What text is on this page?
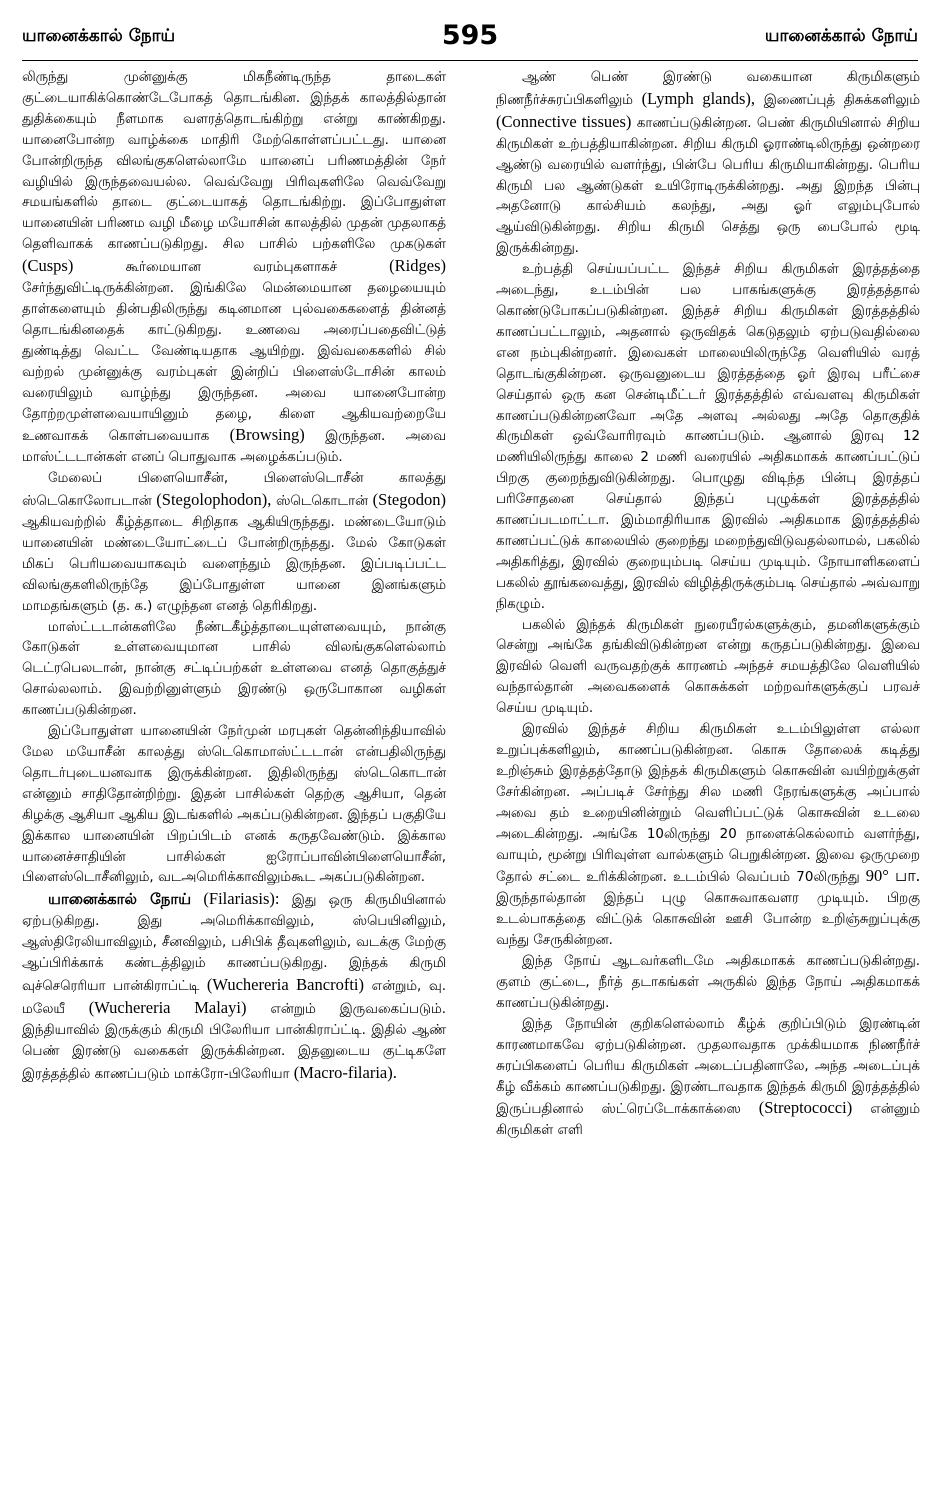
யானைக்கால் நோய்	595	யானைக்கால் நோய்

லிருந்து முன்னுக்கு மிகநீண்டிருந்த தாடைகள் குட்டையாகிக்கொண்டேபோகத் தொடங்கின. இந்தக் காலத்தில்தான் துதிக்கையும் நீளமாக வளரத்தொடங்கிற்று என்று காண்கிறது. யானைபோன்ற வாழ்க்கை மாதிரி மேற்கொள்ளப்பட்டது. யானை போன்றிருந்த விலங்குகளெல்லாமே யானைப் பரிணமத்தின் நேர் வழியில் இருந்தவையல்ல. வெவ்வேறு பிரிவுகளிலே வெவ்வேறு சமயங்களில் தாடை குட்டையாகத் தொடங்கிற்று. இப்போதுள்ள யானையின் பரிணம வழி மீழை மயோசின் காலத்தில் முதன் முதலாகத் தெளிவாகக் காணப்படுகிறது. சில பாசில் பற்களிலே முகடுகள் (Cusps) கூர்மையான வரம்புகளாகச் (Ridges) சேர்ந்துவிட்டிருக்கின்றன. இங்கிலே மென்மையான தழையையும் தாள்களையும் தின்பதிலிருந்து கடினமான புல்வகைகளைத் தின்னத் தொடங்கினதைக் காட்டுகிறது. உணவை அரைப்பதைவிட்டுத் துண்டித்து வெட்ட வேண்டியதாக ஆயிற்று. இவ்வகைகளில் சில் வற்றல் முன்னுக்கு வரம்புகள் இன்றிப் பிளைஸ்டோசின் காலம் வரையிலும் வாழ்ந்து இருந்தன. அவை யானைபோன்ற தோற்றமுள்ளவையாயினும் தழை, கிளை ஆகியவற்றையே உணவாகக் கொள்பவையாக (Browsing) இருந்தன. அவை மாஸ்ட்டடான்கள் எனப் பொதுவாக அழைக்கப்படும்.

மேலைப் பிளையொசீன், பிளைஸ்டொசீன் காலத்து ஸ்டெகொலோபடான் (Stegolophodon), ஸ்டெகொடான் (Stegodon) ஆகியவற்றில் கீழ்த்தாடை சிறிதாக ஆகியிருந்தது. மண்டையோடும் யானையின் மண்டையோட்டைப் போன்றிருந்தது. மேல் கோடுகள் மிகப் பெரியவையாகவும் வளைந்தும் இருந்தன. இப்படிப்பட்ட விலங்குகளிலிருந்தே இப்போதுள்ள யானை இனங்களும் மாமதங்களும் (த. க.) எழுந்தன எனத் தெரிகிறது.

மாஸ்ட்டடான்களிலே நீண்டகீழ்த்தாடையுள்ளவையும், நான்கு கோடுகள் உள்ளவையுமான பாசில் விலங்குகளெல்லாம் டெட்ரபெலடான், நான்கு சட்டிப்பற்கள் உள்ளவை எனத் தொகுத்துச் சொல்லலாம். இவற்றினுள்ளும் இரண்டு ஒருபோகான வழிகள் காணப்படுகின்றன.

இப்போதுள்ள யானையின் நேர்முன் மரபுகள் தென்னிந்தியாவில் மேல மயோசீன் காலத்து ஸ்டெகொமாஸ்ட்டடான் என்பதிலிருந்து தொடர்புடையனவாக இருக்கின்றன. இதிலிருந்து ஸ்டெகொடான் என்னும் சாதிதோன்றிற்று. இதன் பாசில்கள் தெற்கு ஆசியா, தென் கிழக்கு ஆசியா ஆகிய இடங்களில் அகப்படுகின்றன. இந்தப் பகுதியே இக்கால யானையின் பிறப்பிடம் எனக் கருதவேண்டும். இக்கால யானைச்சாதியின் பாசில்கள் ஐரோப்பாவின்பிளையொசீன், பிளைஸ்டொசீனிலும், வடஅமெரிக்காவிலும்கூட அகப்படுகின்றன.

யானைக்கால் நோய் (Filariasis): இது ஒரு கிருமியினால் ஏற்படுகிறது. இது அமெரிக்காவிலும், ஸ்பெயினிலும், ஆஸ்திரேலியாவிலும், சீனவிலும், பசிபிக் தீவுகளிலும், வடக்கு மேற்கு ஆப்பிரிக்காக் கண்டத்திலும் காணப்படுகிறது. இந்தக் கிருமி வுச்செரெரியா பான்கிராப்ட்டி (Wuchereria Bancrofti) என்றும், வு. மலேயீ (Wuchereria Malayi) என்றும் இருவகைப்படும். இந்தியாவில் இருக்கும் கிருமி பிலேரியா பான்கிராப்ட்டி. இதில் ஆண் பெண் இரண்டு வகைகள் இருக்கின்றன. இதனுடைய குட்டிகளே இரத்தத்தில் காணப்படும் மாக்ரோ-பிலேரியா (Macro-filaria).

ஆண் பெண் இரண்டு வகையான கிருமிகளும் நிணநீர்ச்சுரப்பிகளிலும் (Lymph glands), இணைப்புத் திசுக்களிலும் (Connective tissues) காணப்படுகின்றன. பெண் கிருமியினால் சிறிய கிருமிகள் உற்பத்தியாகின்றன. சிறிய கிருமி ஓராண்டிலிருந்து ஒன்றரை ஆண்டு வரையில் வளர்ந்து, பின்பே பெரிய கிருமியாகின்றது. பெரிய கிருமி பல ஆண்டுகள் உயிரோடிருக்கின்றது. அது இறந்த பின்பு அதனோடு கால்சியம் கலந்து, அது ஓர் எலும்புபோல் ஆய்விடுகின்றது. சிறிய கிருமி செத்து ஒரு பைபோல் மூடி இருக்கின்றது.

உற்பத்தி செய்யப்பட்ட இந்தச் சிறிய கிருமிகள் இரத்தத்தை அடைந்து, உடம்பின் பல பாகங்களுக்கு இரத்தத்தால் கொண்டுபோகப்படுகின்றன. இந்தச் சிறிய கிருமிகள் இரத்தத்தில் காணப்பட்டாலும், அதனால் ஒருவிதக் கெடுதலும் ஏற்படுவதில்லை என நம்புகின்றனர். இவைகள் மாலையிலிருந்தே வெளியில் வரத் தொடங்குகின்றன. ஒருவனுடைய இரத்தத்தை ஓர் இரவு பரீட்சை செய்தால் ஒரு கன சென்டிமீட்டர் இரத்தத்தில் எவ்வளவு கிருமிகள் காணப்படுகின்றனவோ அதே அளவு அல்லது அதே தொகுதிக் கிருமிகள் ஒவ்வோரிரவும் காணப்படும். ஆனால் இரவு 12 மணியிலிருந்து காலை 2 மணி வரையில் அதிகமாகக் காணப்பட்டுப் பிறகு குறைந்துவிடுகின்றது. பொழுது விடிந்த பின்பு இரத்தப் பரிசோதனை செய்தால் இந்தப் புழுக்கள் இரத்தத்தில் காணப்படமாட்டா. இம்மாதிரியாக இரவில் அதிகமாக இரத்தத்தில் காணப்பட்டுக் காலையில் குறைந்து மறைந்துவிடுவதல்லாமல், பகலில் அதிகரித்து, இரவில் குறையும்படி செய்ய முடியும். நோயாளிகளைப் பகலில் தூங்கவைத்து, இரவில் விழித்திருக்கும்படி செய்தால் அவ்வாறு நிகழும்.

பகலில் இந்தக் கிருமிகள் நுரையீரல்களுக்கும், தமனிகளுக்கும் சென்று அங்கே தங்கிவிடுகின்றன என்று கருதப்படுகின்றது. இவை இரவில் வெளி வருவதற்குக் காரணம் அந்தச் சமயத்திலே வெளியில் வந்தால்தான் அவைகளைக் கொசுக்கள் மற்றவர்களுக்குப் பரவச் செய்ய முடியும்.

இரவில் இந்தச் சிறிய கிருமிகள் உடம்பிலுள்ள எல்லா உறுப்புக்களிலும், காணப்படுகின்றன. கொசு தோலைக் கடித்து உறிஞ்சும் இரத்தத்தோடு இந்தக் கிருமிகளும் கொசுவின் வயிற்றுக்குள் சேர்கின்றன. அப்படிச் சேர்ந்து சில மணி நேரங்களுக்கு அப்பால் அவை தம் உறையினின்றும் வெளிப்பட்டுக் கொசுவின் உடலை அடைகின்றது. அங்கே 10லிருந்து 20 நாளைக்கெல்லாம் வளர்ந்து, வாயும், மூன்று பிரிவுள்ள வால்களும் பெறுகின்றன. இவை ஒருமுறை தோல் சட்டை உரிக்கின்றன. உடம்பில் வெப்பம் 70லிருந்து 90° பா. இருந்தால்தான் இந்தப் புழு கொசுவாகவளர முடியும். பிறகு உடல்பாகத்தை விட்டுக் கொசுவின் ஊசி போன்ற உறிஞ்சுறுப்புக்கு வந்து சேருகின்றன.

இந்த நோய் ஆடவர்களிடமே அதிகமாகக் காணப்படுகின்றது. குளம் குட்டை, நீர்த் தடாகங்கள் அருகில் இந்த நோய் அதிகமாகக் காணப்படுகின்றது.

இந்த நோயின் குறிகளெல்லாம் கீழ்க் குறிப்பிடும் இரண்டின் காரணமாகவே ஏற்படுகின்றன. முதலாவதாக முக்கியமாக நிணநீர்ச் சுரப்பிகளைப் பெரிய கிருமிகள் அடைப்பதினாலே, அந்த அடைப்புக் கீழ் வீக்கம் காணப்படுகிறது. இரண்டாவதாக இந்தக் கிருமி இரத்தத்தில் இருப்பதினால் ஸ்ட்ரெப்டோக்காக்ஸை (Streptococci) என்னும் கிருமிகள் எளி
